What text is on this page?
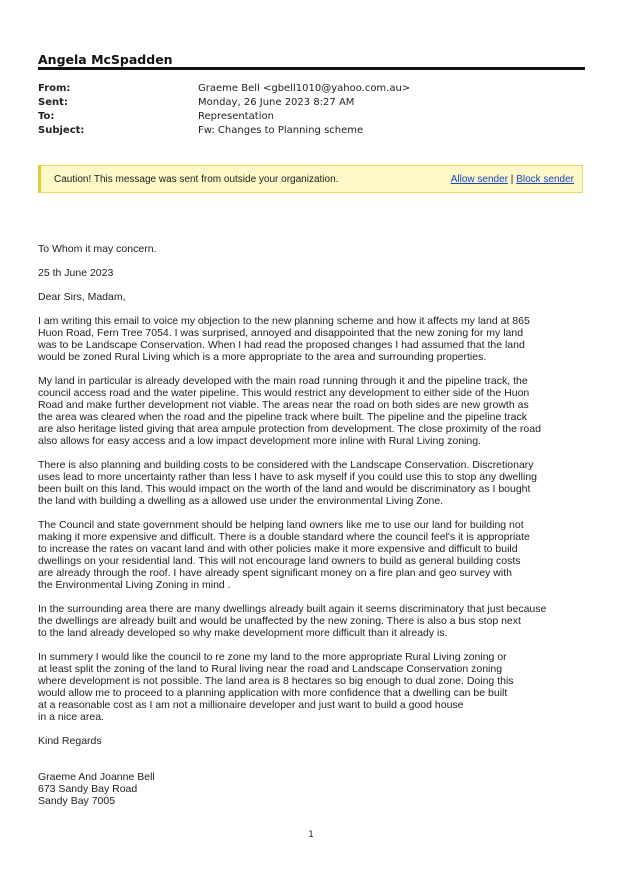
Angela McSpadden
From:	Graeme Bell <gbell1010@yahoo.com.au>
Sent:	Monday, 26 June 2023 8:27 AM
To:	Representation
Subject:	Fw: Changes to Planning scheme
Caution! This message was sent from outside your organization.	Allow sender | Block sender

To Whom it may concern.

25 th June 2023

Dear Sirs, Madam,

I am writing this email to voice my objection to the new planning scheme and how it affects my land at 865
Huon Road, Fern Tree 7054. I was surprised, annoyed and disappointed that the new zoning for my land
was to be Landscape Conservation. When I had read the proposed changes I had assumed that the land
would be zoned Rural Living which is a more appropriate to the area and surrounding properties.

My land in particular is already developed with the main road running through it and the pipeline track, the
council access road and the water pipeline. This would restrict any development to either side of the Huon
Road and make further development not viable. The areas near the road on both sides are new growth as
the area was cleared when the road and the pipeline track where built. The pipeline and the pipeline track
are also heritage listed giving that area ampule protection from development. The close proximity of the road
also allows for easy access and a low impact development more inline with Rural Living zoning.

There is also planning and building costs to be considered with the Landscape Conservation. Discretionary
uses lead to more uncertainty rather than less I have to ask myself if you could use this to stop any dwelling
been built on this land. This would impact on the worth of the land and would be discriminatory as I bought
the land with building a dwelling as a allowed use under the environmental Living Zone.

The Council and state government should be helping land owners like me to use our land for building not
making it more expensive and difficult. There is a double standard where the council feel's it is appropriate
to increase the rates on vacant land and with other policies make it more expensive and difficult to build
dwellings on your residential land. This will not encourage land owners to build as general building costs
are already through the roof. I have already spent significant money on a fire plan and geo survey with
the Environmental Living Zoning in mind .

In the surrounding area there are many dwellings already built again it seems discriminatory that just because
the dwellings are already built and would be unaffected by the new zoning. There is also a bus stop next
to the land already developed so why make development more difficult than it already is.

In summery I would like the council to re zone my land to the more appropriate Rural Living zoning or
at least split the zoning of the land to Rural living near the road and Landscape Conservation zoning
where development is not possible. The land area is 8 hectares so big enough to dual zone. Doing this
would allow me to proceed to a planning application with more confidence that a dwelling can be built
at a reasonable cost as I am not a millionaire developer and just want to build a good house
in a nice area.

Kind Regards

Graeme And Joanne Bell
673 Sandy Bay Road
Sandy Bay 7005

1
